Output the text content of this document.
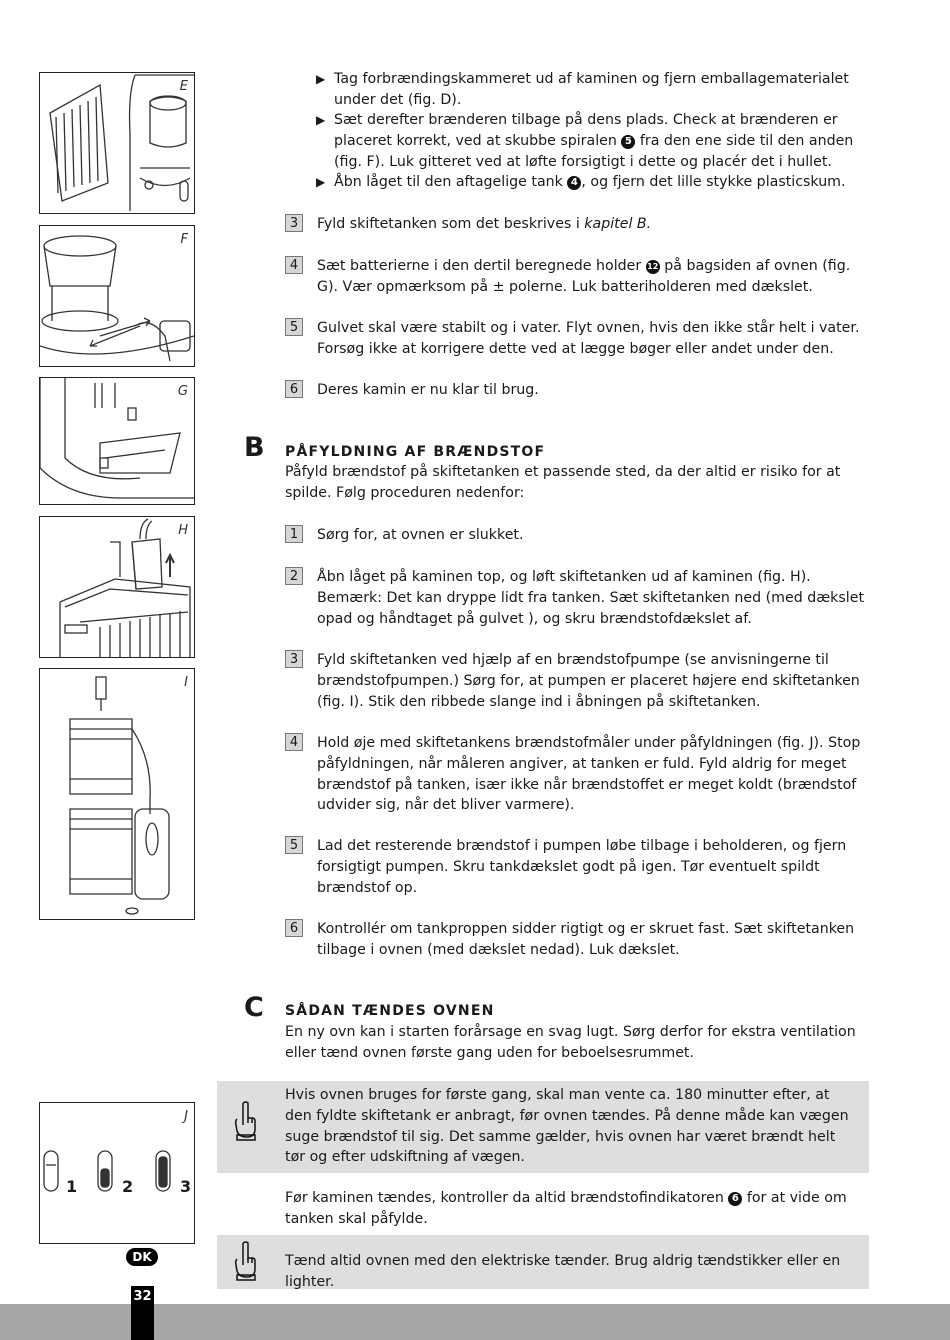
E
F
G
H
I
J
1	2	3
▶ Tag forbrændingskammeret ud af kaminen og fjern emballagematerialet under det (fig. D).
▶ Sæt derefter brænderen tilbage på dens plads. Check at brænderen er placeret korrekt, ved at skubbe spiralen 5 fra den ene side til den anden (fig. F). Luk gitteret ved at løfte forsigtigt i dette og placér det i hullet.
▶ Åbn låget til den aftagelige tank 4 , og fjern det lille stykke plasticskum.
3	Fyld skiftetanken som det beskrives i kapitel B.
4	Sæt batterierne i den dertil beregnede holder 12 på bagsiden af ovnen (fig. G). Vær opmærksom på ± polerne. Luk batteriholderen med dækslet.
5	Gulvet skal være stabilt og i vater. Flyt ovnen, hvis den ikke står helt i vater. Forsøg ikke at korrigere dette ved at lægge bøger eller andet under den.
6	Deres kamin er nu klar til brug.
B PÅFYLDNING AF BRÆNDSTOF
Påfyld brændstof på skiftetanken et passende sted, da der altid er risiko for at spilde. Følg proceduren nedenfor:
1	Sørg for, at ovnen er slukket.
2	Åbn låget på kaminen top, og løft skiftetanken ud af kaminen (fig. H). Bemærk: Det kan dryppe lidt fra tanken. Sæt skiftetanken ned (med dækslet opad og håndtaget på gulvet ), og skru brændstofdækslet af.
3	Fyld skiftetanken ved hjælp af en brændstofpumpe (se anvisningerne til brændstofpumpen.) Sørg for, at pumpen er placeret højere end skiftetanken (fig. I). Stik den ribbede slange ind i åbningen på skiftetanken.
4	Hold øje med skiftetankens brændstofmåler under påfyldningen (fig. J). Stop påfyldningen, når måleren angiver, at tanken er fuld. Fyld aldrig for meget brændstof på tanken, især ikke når brændstoffet er meget koldt (brændstof udvider sig, når det bliver varmere).
5	Lad det resterende brændstof i pumpen løbe tilbage i beholderen, og fjern forsigtigt pumpen. Skru tankdækslet godt på igen. Tør eventuelt spildt brændstof op.
6	Kontrollér om tankproppen sidder rigtigt og er skruet fast. Sæt skiftetanken tilbage i ovnen (med dækslet nedad). Luk dækslet.
C SÅDAN TÆNDES OVNEN
En ny ovn kan i starten forårsage en svag lugt. Sørg derfor for ekstra ventilation eller tænd ovnen første gang uden for beboelsesrummet.
Hvis ovnen bruges for første gang, skal man vente ca. 180 minutter efter, at den fyldte skiftetank er anbragt, før ovnen tændes. På denne måde kan vægen suge brændstof til sig. Det samme gælder, hvis ovnen har været brændt helt tør og efter udskiftning af vægen.
Før kaminen tændes, kontroller da altid brændstofindikatoren 6 for at vide om tanken skal påfylde.
Tænd altid ovnen med den elektriske tænder. Brug aldrig tændstikker eller en lighter.
DK
32
